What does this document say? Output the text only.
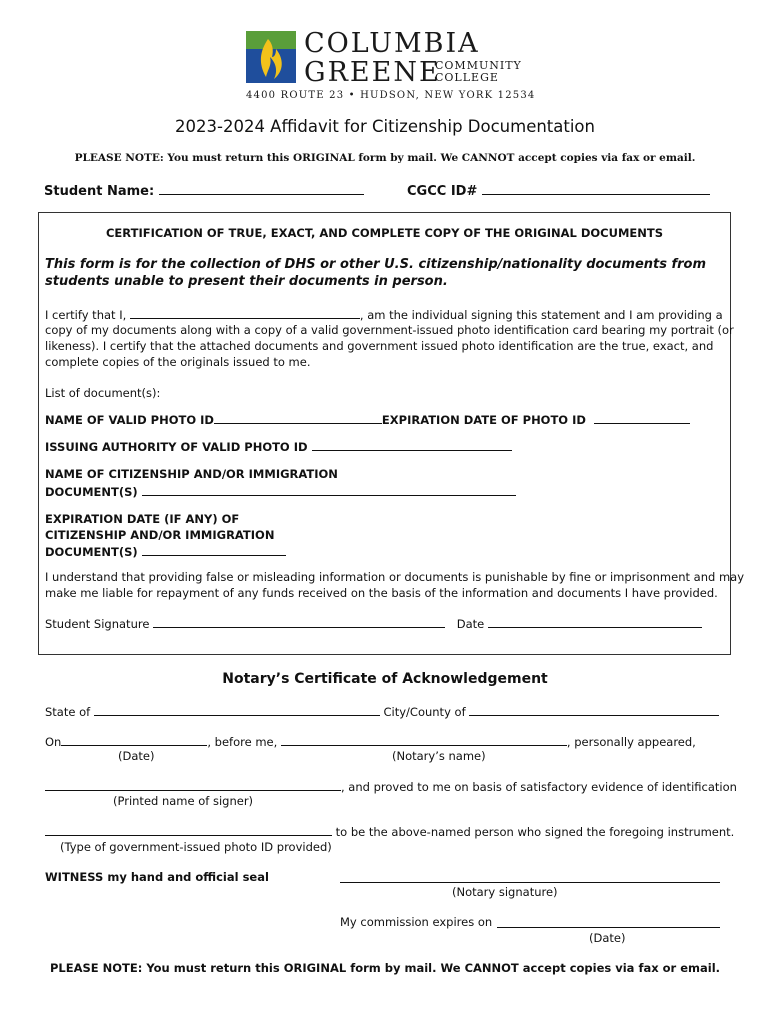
COLUMBIA
GREENE
COMMUNITY
COLLEGE
4400 ROUTE 23 • HUDSON, NEW YORK 12534
2023-2024 Affidavit for Citizenship Documentation
PLEASE NOTE: You must return this ORIGINAL form by mail. We CANNOT accept copies via fax or email.
Student Name:	CGCC ID#
CERTIFICATION OF TRUE, EXACT, AND COMPLETE COPY OF THE ORIGINAL DOCUMENTS
This form is for the collection of DHS or other U.S. citizenship/nationality documents from
students unable to present their documents in person.
I certify that I,	, am the individual signing this statement and I am providing a
copy of my documents along with a copy of a valid government-issued photo identification card bearing my portrait (or
likeness). I certify that the attached documents and government issued photo identification are the true, exact, and
complete copies of the originals issued to me.
List of document(s):
NAME OF VALID PHOTO ID	EXPIRATION DATE OF PHOTO ID
ISSUING AUTHORITY OF VALID PHOTO ID
NAME OF CITIZENSHIP AND/OR IMMIGRATION
DOCUMENT(S)
EXPIRATION DATE (IF ANY) OF
CITIZENSHIP AND/OR IMMIGRATION
DOCUMENT(S)
I understand that providing false or misleading information or documents is punishable by fine or imprisonment and may
make me liable for repayment of any funds received on the basis of the information and documents I have provided.
Student Signature	Date
Notary’s Certificate of Acknowledgement
State of	City/County of
On	, before me,	, personally appeared,
(Date)	(Notary’s name)
, and proved to me on basis of satisfactory evidence of identification
(Printed name of signer)
to be the above-named person who signed the foregoing instrument.
(Type of government-issued photo ID provided)
WITNESS my hand and official seal
(Notary signature)
My commission expires on
(Date)
PLEASE NOTE: You must return this ORIGINAL form by mail. We CANNOT accept copies via fax or email.
